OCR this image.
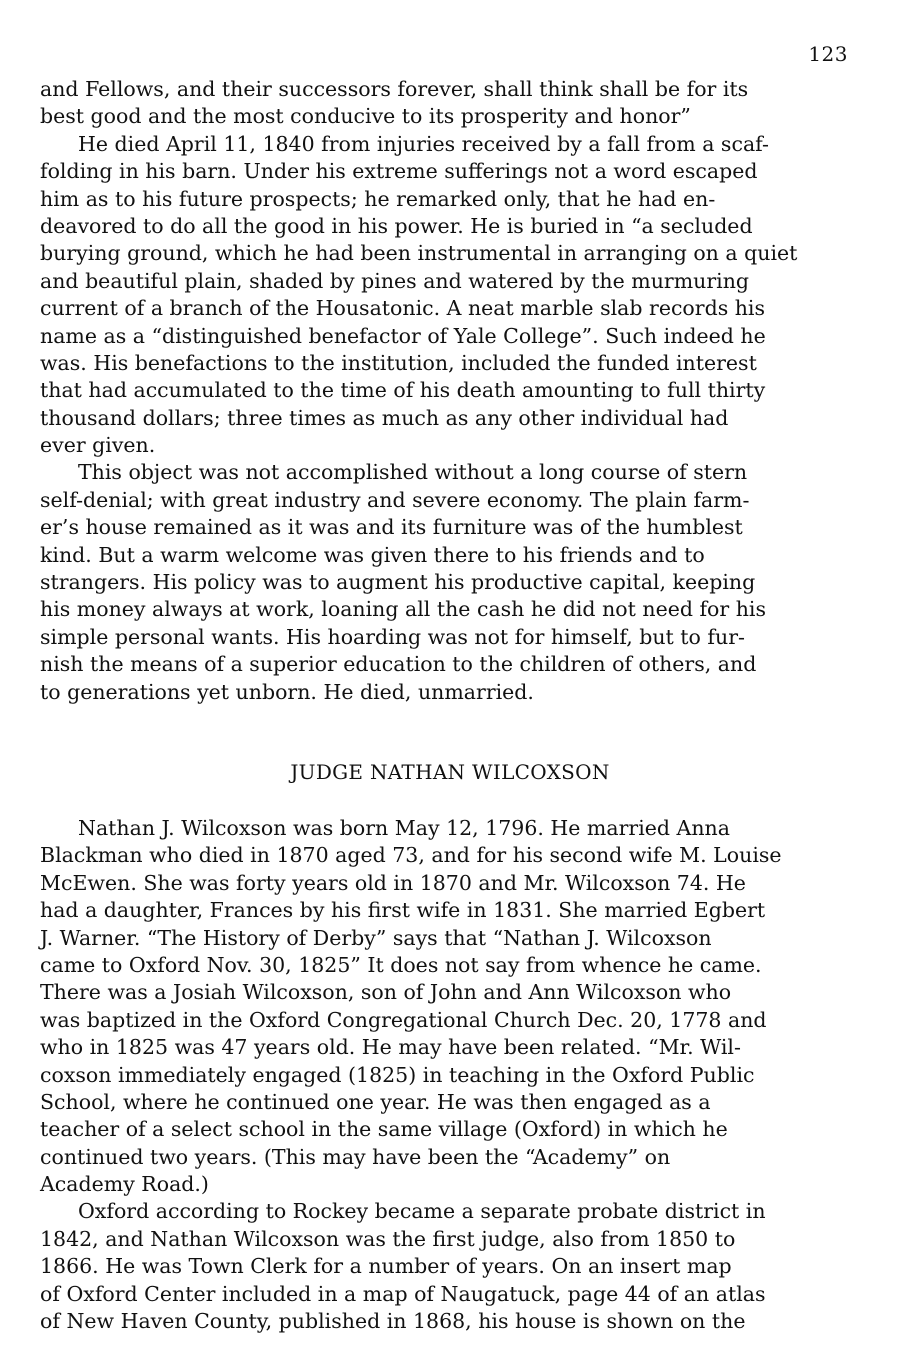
123
and Fellows, and their successors forever, shall think shall be for its
best good and the most conducive to its prosperity and honor”
He died April 11, 1840 from injuries received by a fall from a scaf-
folding in his barn. Under his extreme sufferings not a word escaped
him as to his future prospects; he remarked only, that he had en-
deavored to do all the good in his power. He is buried in “a secluded
burying ground, which he had been instrumental in arranging on a quiet
and beautiful plain, shaded by pines and watered by the murmuring
current of a branch of the Housatonic. A neat marble slab records his
name as a “distinguished benefactor of Yale College”. Such indeed he
was. His benefactions to the institution, included the funded interest
that had accumulated to the time of his death amounting to full thirty
thousand dollars; three times as much as any other individual had
ever given.
This object was not accomplished without a long course of stern
self-denial; with great industry and severe economy. The plain farm-
er’s house remained as it was and its furniture was of the humblest
kind. But a warm welcome was given there to his friends and to
strangers. His policy was to augment his productive capital, keeping
his money always at work, loaning all the cash he did not need for his
simple personal wants. His hoarding was not for himself, but to fur-
nish the means of a superior education to the children of others, and
to generations yet unborn. He died, unmarried.
JUDGE NATHAN WILCOXSON
Nathan J. Wilcoxson was born May 12, 1796. He married Anna
Blackman who died in 1870 aged 73, and for his second wife M. Louise
McEwen. She was forty years old in 1870 and Mr. Wilcoxson 74. He
had a daughter, Frances by his first wife in 1831. She married Egbert
J. Warner. “The History of Derby” says that “Nathan J. Wilcoxson
came to Oxford Nov. 30, 1825” It does not say from whence he came.
There was a Josiah Wilcoxson, son of John and Ann Wilcoxson who
was baptized in the Oxford Congregational Church Dec. 20, 1778 and
who in 1825 was 47 years old. He may have been related. “Mr. Wil-
coxson immediately engaged (1825) in teaching in the Oxford Public
School, where he continued one year. He was then engaged as a
teacher of a select school in the same village (Oxford) in which he
continued two years. (This may have been the “Academy” on
Academy Road.)
Oxford according to Rockey became a separate probate district in
1842, and Nathan Wilcoxson was the first judge, also from 1850 to
1866. He was Town Clerk for a number of years. On an insert map
of Oxford Center included in a map of Naugatuck, page 44 of an atlas
of New Haven County, published in 1868, his house is shown on the
